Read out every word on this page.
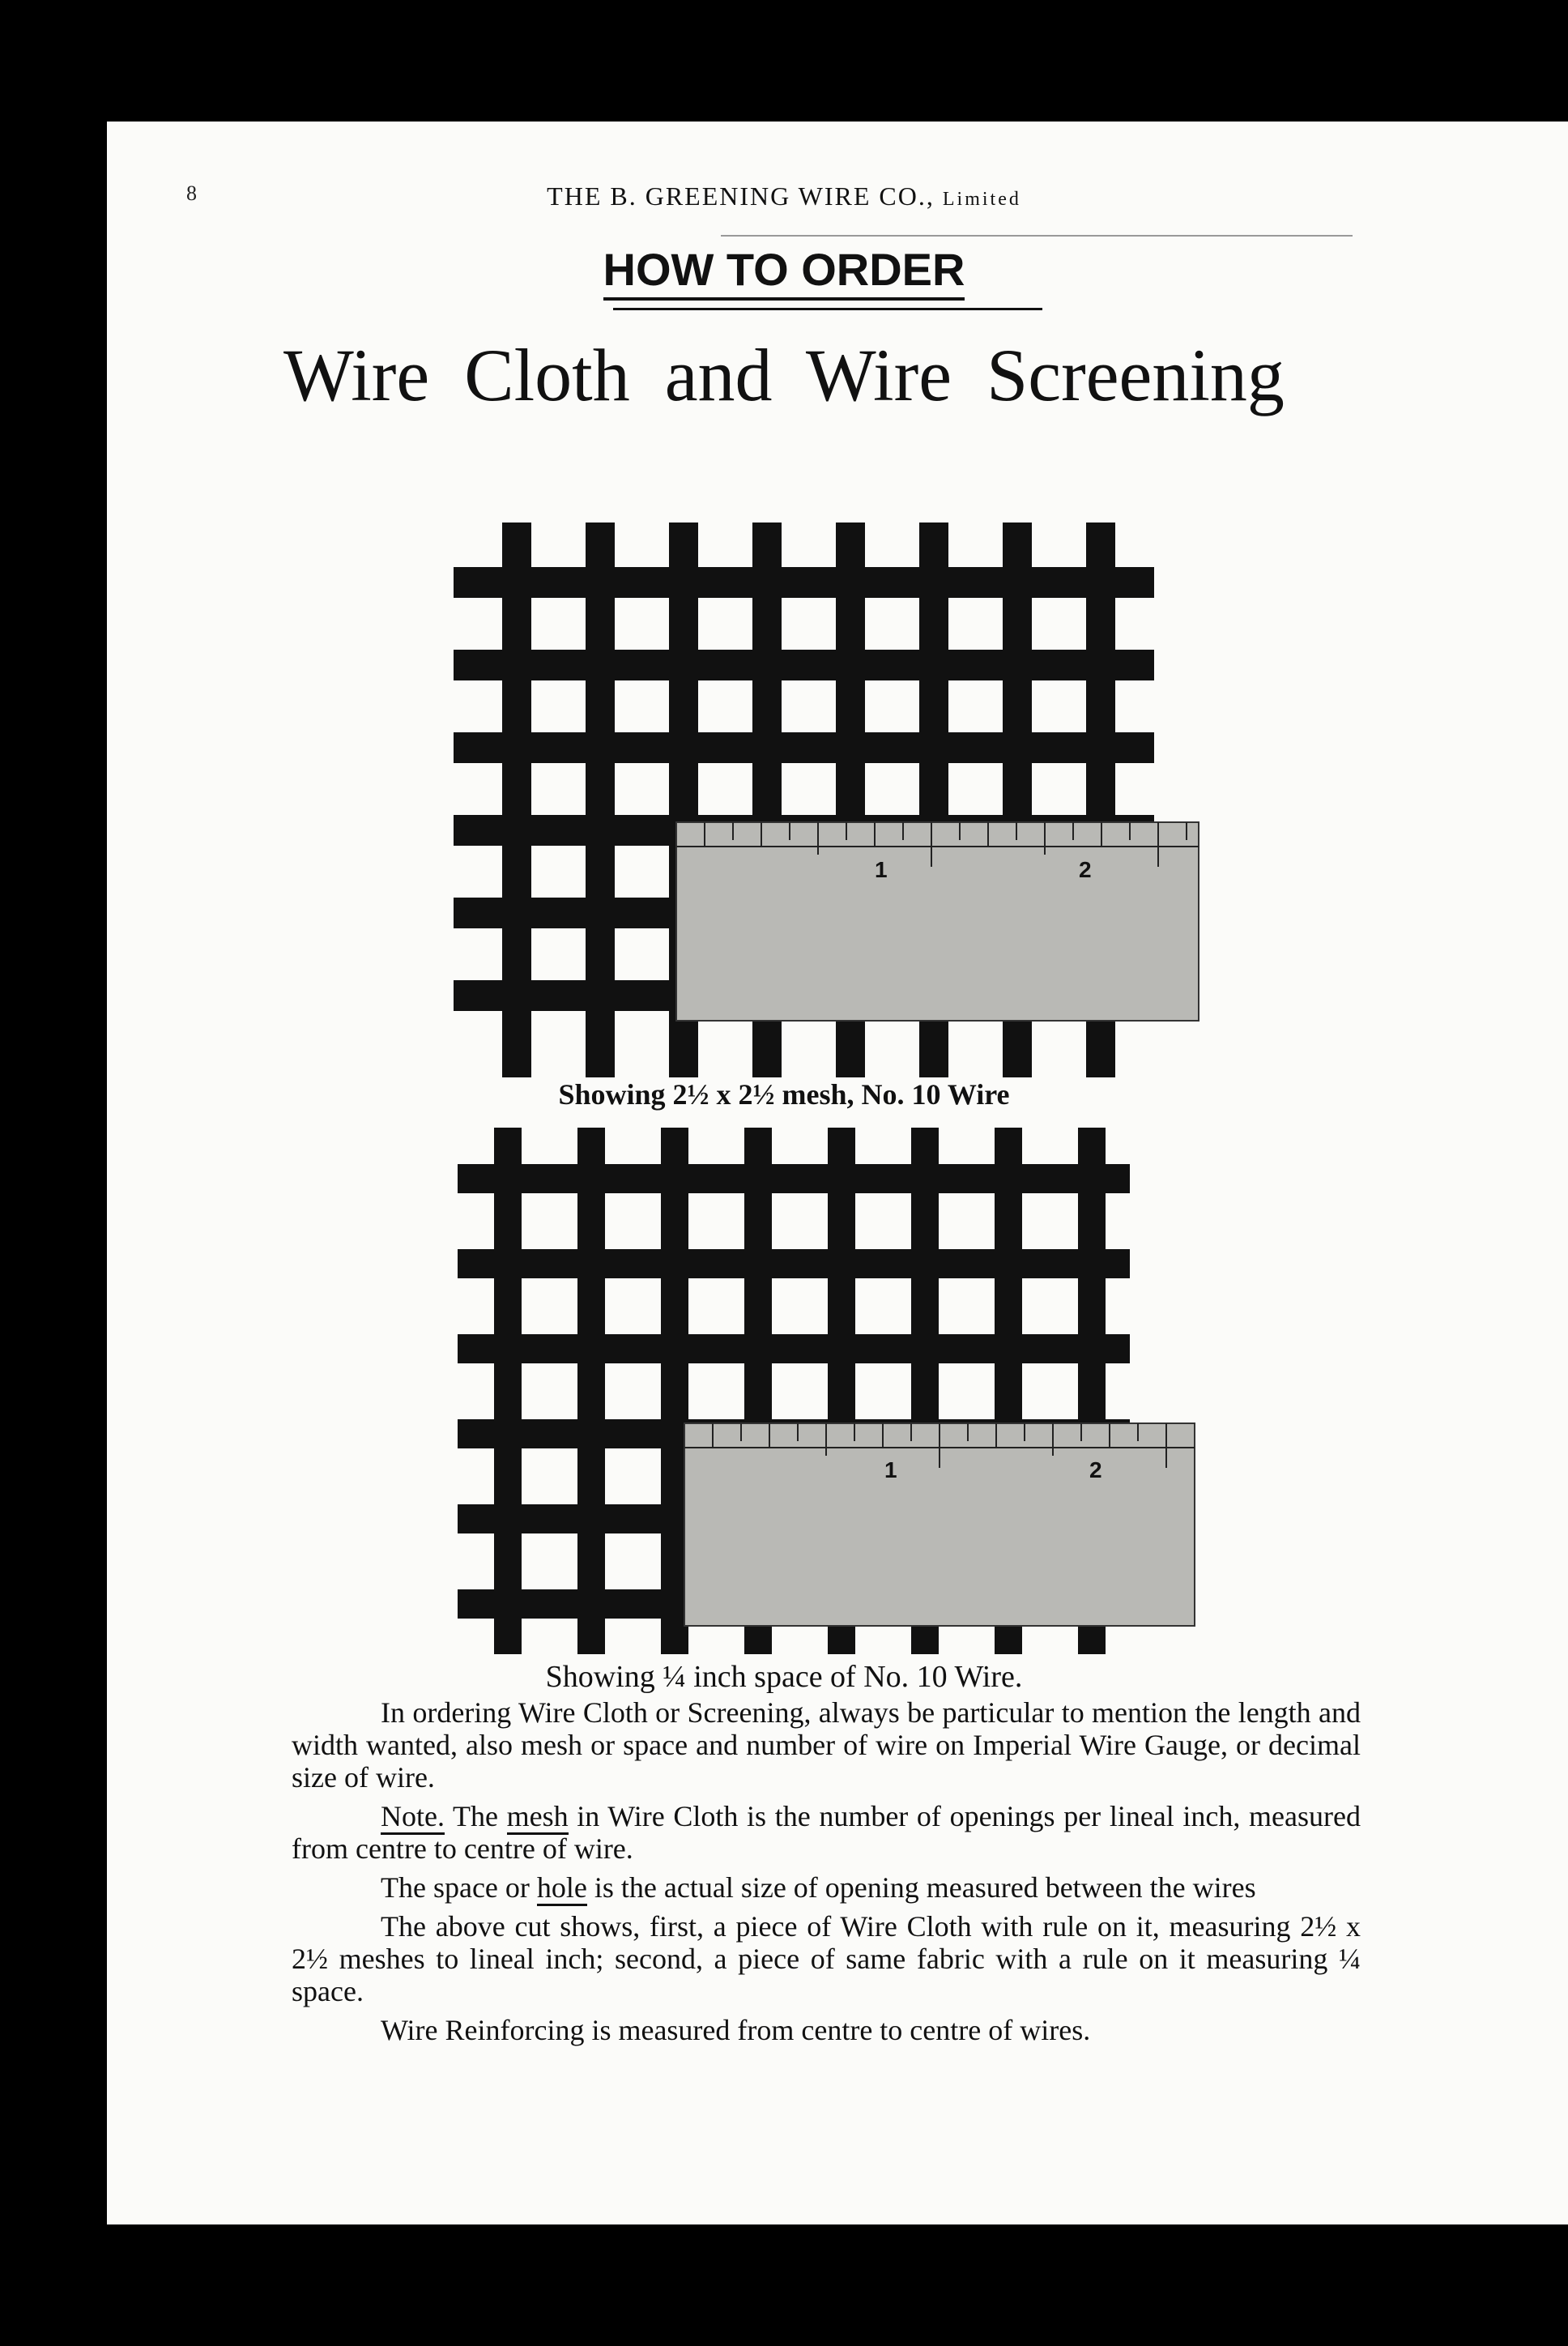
8	THE B. GREENING WIRE CO., Limited
HOW TO ORDER
Wire Cloth and Wire Screening
1	2
Showing 2½ x 2½ mesh, No. 10 Wire
1	2
Showing ¼ inch space of No. 10 Wire.

In ordering Wire Cloth or Screening, always be particular to mention the length and width wanted, also mesh or space and number of wire on Imperial Wire Gauge, or decimal size of wire.

Note. The mesh in Wire Cloth is the number of openings per lineal inch, measured from centre to centre of wire.

The space or hole is the actual size of opening measured between the wires

The above cut shows, first, a piece of Wire Cloth with rule on it, measuring 2½ x 2½ meshes to lineal inch; second, a piece of same fabric with a rule on it measuring ¼ space.

Wire Reinforcing is measured from centre to centre of wires.
